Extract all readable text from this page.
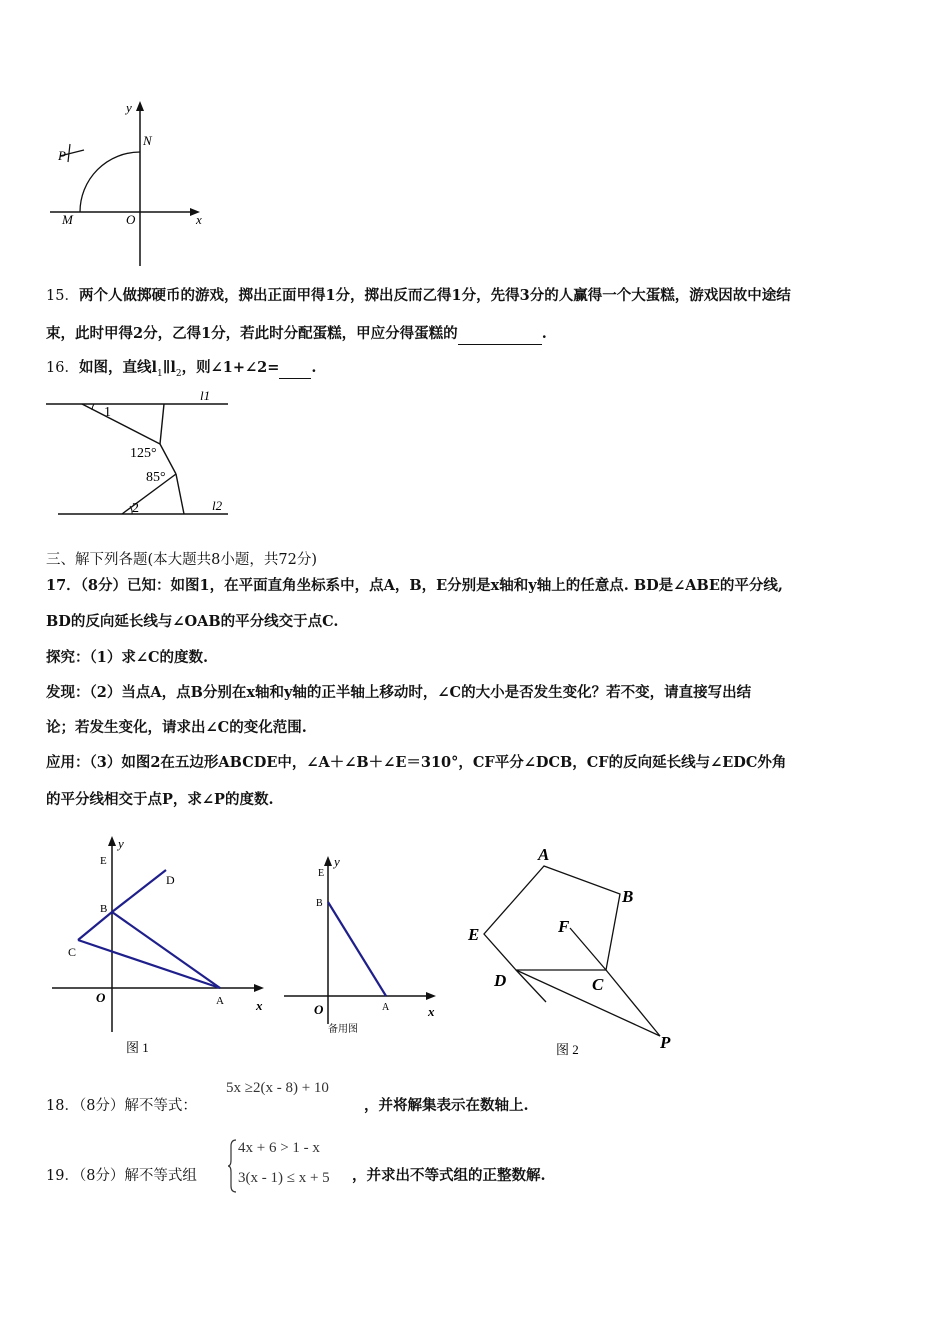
y
N
P
M	O	x
15．两个人做掷硬币的游戏，掷出正面甲得1分，掷出反而乙得1分，先得3分的人赢得一个大蛋糕，游戏因故中途结
束，此时甲得2分，乙得1分，若此时分配蛋糕，甲应分得蛋糕的	.
16．如图，直线$l_1\parallel l_2$，则∠1+∠2= .
l1
l2
1
125°
85°
2
三、解下列各题(本大题共8小题，共72分)
17．（8分）已知：如图1，在平面直角坐标系中，点A，B，E分别是x轴和y轴上的任意点. BD是∠ABE的平分线,
BD的反向延长线与∠OAB的平分线交于点C.
探究：（1）求∠C的度数.
发现：（2）当点A，点B分别在x轴和y轴的正半轴上移动时，∠C的大小是否发生变化？若不变，请直接写出结
论；若发生变化，请求出∠C的变化范围.
应用：（3）如图2在五边形ABCDE中，∠A＋∠B＋∠E＝310°，CF平分∠DCB，CF的反向延长线与∠EDC外角
的平分线相交于点P，求∠P的度数.
y
E
D
B
C
O	A x
图 1
y
E
B
O	A	x
备用图
A
B
E	F
D	C
P
图 2
18．（8分）解不等式：
5x ≥2(x - 8) + 10
，并将解集表示在数轴上.
19．（8分）解不等式组
4x + 6 > 1 - x
3(x - 1) ≤ x + 5 ，并求出不等式组的正整数解.
